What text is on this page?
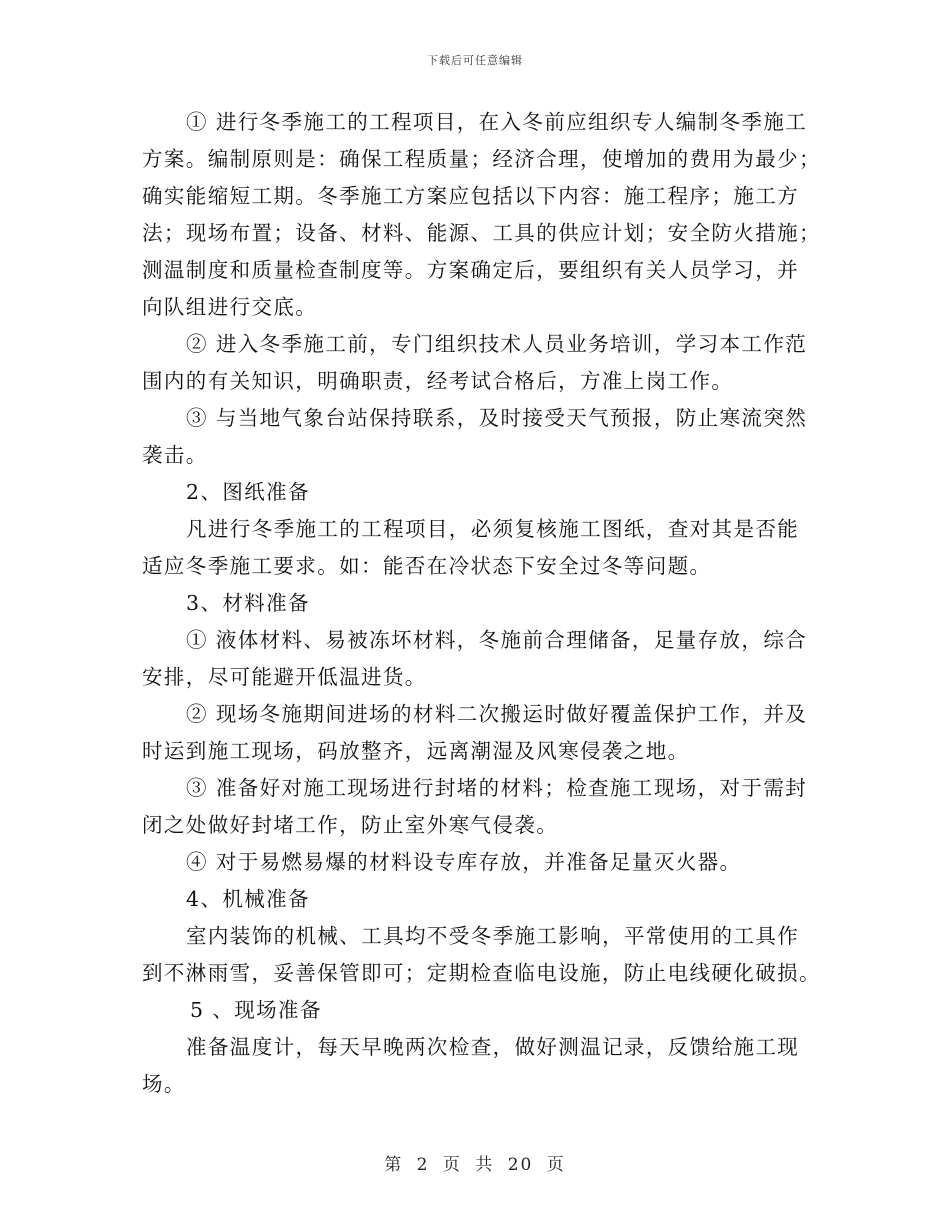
下载后可任意编辑
① 进行冬季施工的工程项目，在入冬前应组织专人编制冬季施工
方案。编制原则是：确保工程质量；经济合理，使增加的费用为最少；
确实能缩短工期。冬季施工方案应包括以下内容：施工程序；施工方
法；现场布置；设备、材料、能源、工具的供应计划；安全防火措施；
测温制度和质量检查制度等。方案确定后，要组织有关人员学习，并
向队组进行交底。
② 进入冬季施工前，专门组织技术人员业务培训，学习本工作范
围内的有关知识，明确职责，经考试合格后，方准上岗工作。
③ 与当地气象台站保持联系，及时接受天气预报，防止寒流突然
袭击。
2、图纸准备
凡进行冬季施工的工程项目，必须复核施工图纸，查对其是否能
适应冬季施工要求。如：能否在冷状态下安全过冬等问题。
3、材料准备
① 液体材料、易被冻坏材料，冬施前合理储备，足量存放，综合
安排，尽可能避开低温进货。
② 现场冬施期间进场的材料二次搬运时做好覆盖保护工作，并及
时运到施工现场，码放整齐，远离潮湿及风寒侵袭之地。
③ 准备好对施工现场进行封堵的材料；检查施工现场，对于需封
闭之处做好封堵工作，防止室外寒气侵袭。
④ 对于易燃易爆的材料设专库存放，并准备足量灭火器。
4、机械准备
室内装饰的机械、工具均不受冬季施工影响，平常使用的工具作
到不淋雨雪，妥善保管即可；定期检查临电设施，防止电线硬化破损。
5 、现场准备
准备温度计，每天早晚两次检查，做好测温记录，反馈给施工现
场。
第 2 页 共 20 页
